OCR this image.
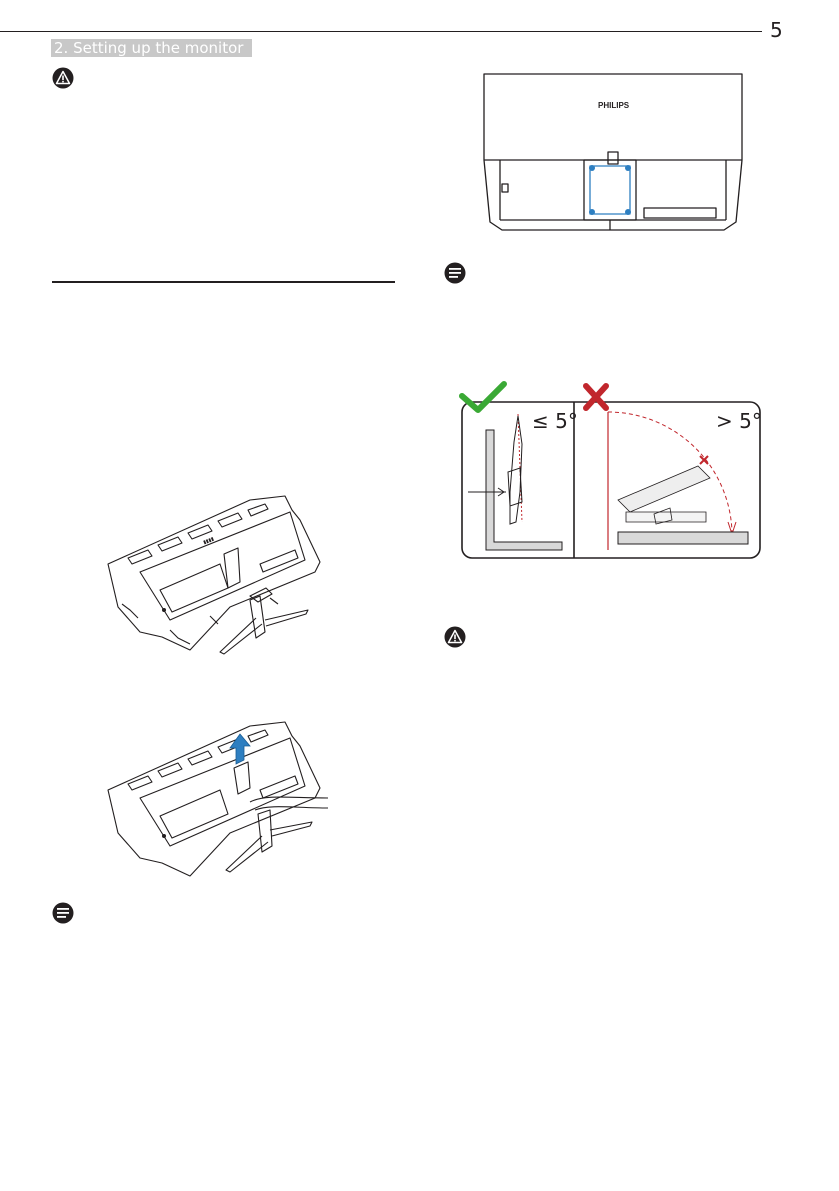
5
2. Setting up the monitor
▮▮▮▮
PHILIPS
≤ 5°	> 5°
